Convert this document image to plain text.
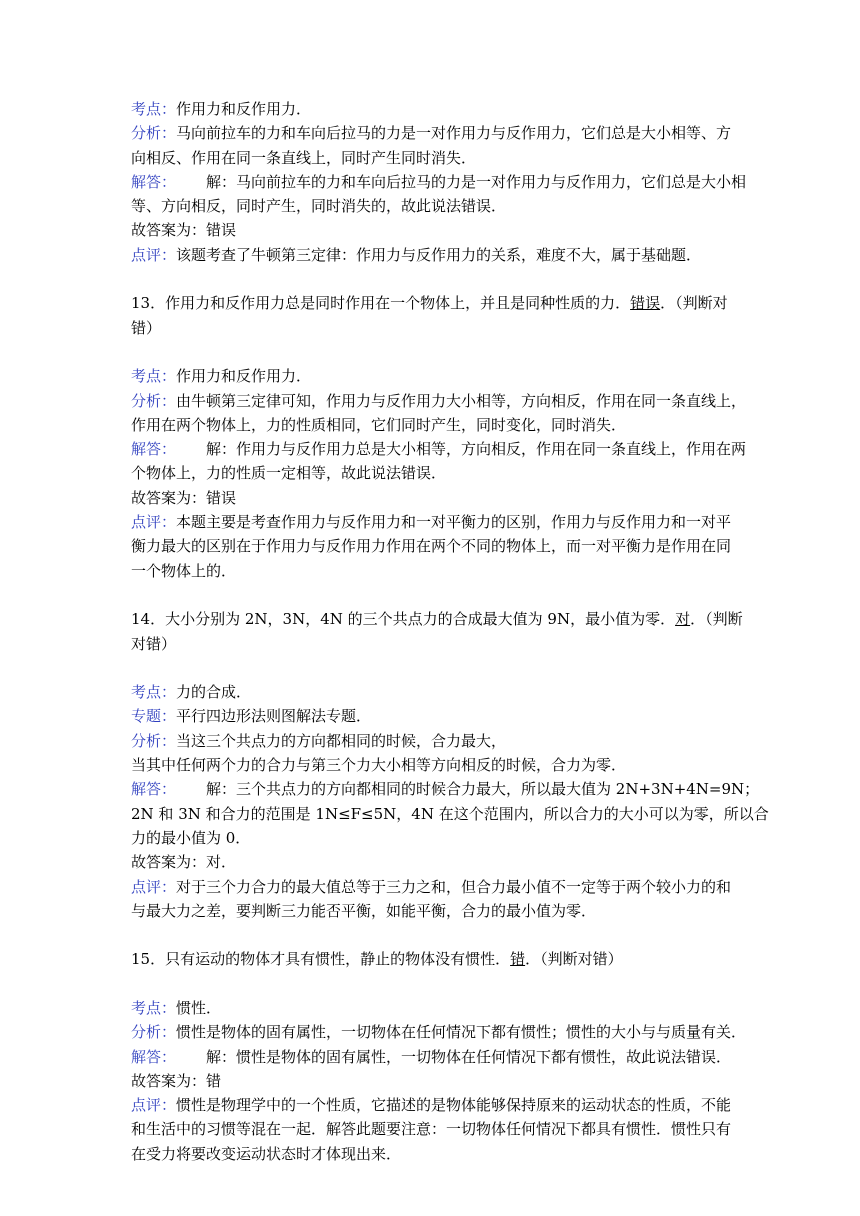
考点：作用力和反作用力．
分析：马向前拉车的力和车向后拉马的力是一对作用力与反作用力，它们总是大小相等、方
向相反、作用在同一条直线上，同时产生同时消失．
解答： 解：马向前拉车的力和车向后拉马的力是一对作用力与反作用力，它们总是大小相
等、方向相反，同时产生，同时消失的，故此说法错误．
故答案为：错误
点评：该题考查了牛顿第三定律：作用力与反作用力的关系，难度不大，属于基础题．
13．作用力和反作用力总是同时作用在一个物体上，并且是同种性质的力．错误．（判断对
错）
考点：作用力和反作用力．
分析：由牛顿第三定律可知，作用力与反作用力大小相等，方向相反，作用在同一条直线上，
作用在两个物体上，力的性质相同，它们同时产生，同时变化，同时消失．
解答： 解：作用力与反作用力总是大小相等，方向相反，作用在同一条直线上，作用在两
个物体上，力的性质一定相等，故此说法错误．
故答案为：错误
点评：本题主要是考查作用力与反作用力和一对平衡力的区别，作用力与反作用力和一对平
衡力最大的区别在于作用力与反作用力作用在两个不同的物体上，而一对平衡力是作用在同
一个物体上的．
14．大小分别为 2N，3N，4N 的三个共点力的合成最大值为 9N，最小值为零．对．（判断
对错）
考点：力的合成．
专题：平行四边形法则图解法专题．
分析：当这三个共点力的方向都相同的时候，合力最大，
当其中任何两个力的合力与第三个力大小相等方向相反的时候，合力为零．
解答： 解：三个共点力的方向都相同的时候合力最大，所以最大值为 2N+3N+4N=9N；
2N 和 3N 和合力的范围是 1N≤F≤5N，4N 在这个范围内，所以合力的大小可以为零，所以合
力的最小值为 0．
故答案为：对．
点评：对于三个力合力的最大值总等于三力之和，但合力最小值不一定等于两个较小力的和
与最大力之差，要判断三力能否平衡，如能平衡，合力的最小值为零．
15．只有运动的物体才具有惯性，静止的物体没有惯性．错．（判断对错）
考点：惯性．
分析：惯性是物体的固有属性，一切物体在任何情况下都有惯性；惯性的大小与与质量有关．
解答： 解：惯性是物体的固有属性，一切物体在任何情况下都有惯性，故此说法错误．
故答案为：错
点评：惯性是物理学中的一个性质，它描述的是物体能够保持原来的运动状态的性质，不能
和生活中的习惯等混在一起．解答此题要注意：一切物体任何情况下都具有惯性．惯性只有
在受力将要改变运动状态时才体现出来．
